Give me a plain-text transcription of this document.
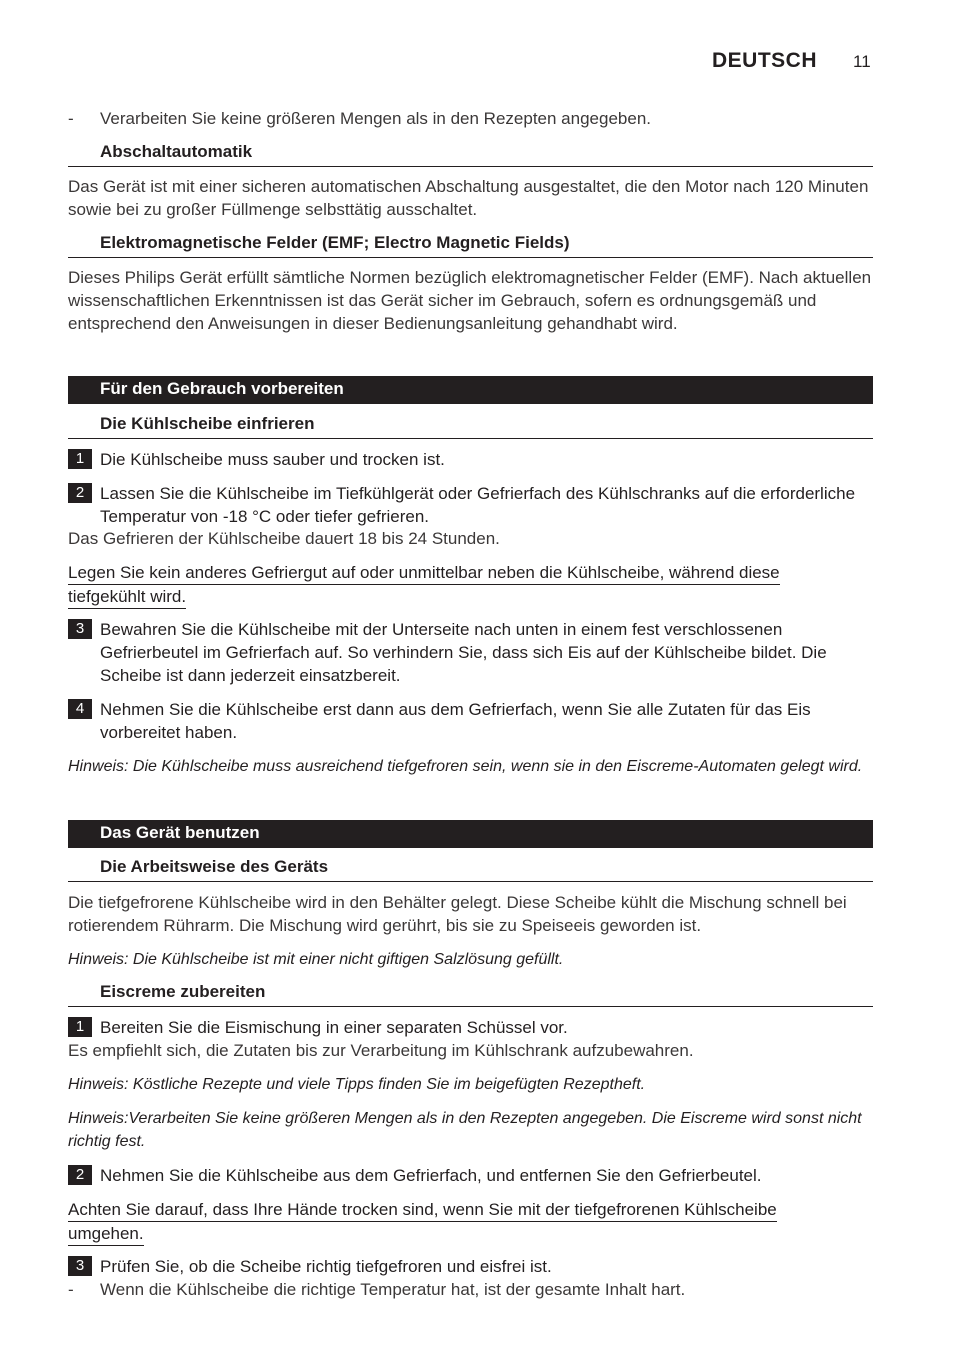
DEUTSCH 11
- Verarbeiten Sie keine größeren Mengen als in den Rezepten angegeben.
Abschaltautomatik
Das Gerät ist mit einer sicheren automatischen Abschaltung ausgestaltet, die den Motor nach 120 Minuten sowie bei zu großer Füllmenge selbsttätig ausschaltet.
Elektromagnetische Felder (EMF; Electro Magnetic Fields)
Dieses Philips Gerät erfüllt sämtliche Normen bezüglich elektromagnetischer Felder (EMF). Nach aktuellen wissenschaftlichen Erkenntnissen ist das Gerät sicher im Gebrauch, sofern es ordnungsgemäß und entsprechend den Anweisungen in dieser Bedienungsanleitung gehandhabt wird.
Für den Gebrauch vorbereiten
Die Kühlscheibe einfrieren
1 Die Kühlscheibe muss sauber und trocken ist.
2 Lassen Sie die Kühlscheibe im Tiefkühlgerät oder Gefrierfach des Kühlschranks auf die erforderliche Temperatur von -18 °C oder tiefer gefrieren.
Das Gefrieren der Kühlscheibe dauert 18 bis 24 Stunden.
Legen Sie kein anderes Gefriergut auf oder unmittelbar neben die Kühlscheibe, während diese
tiefgekühlt wird.
3 Bewahren Sie die Kühlscheibe mit der Unterseite nach unten in einem fest verschlossenen Gefrierbeutel im Gefrierfach auf. So verhindern Sie, dass sich Eis auf der Kühlscheibe bildet. Die Scheibe ist dann jederzeit einsatzbereit.
4 Nehmen Sie die Kühlscheibe erst dann aus dem Gefrierfach, wenn Sie alle Zutaten für das Eis vorbereitet haben.
Hinweis: Die Kühlscheibe muss ausreichend tiefgefroren sein, wenn sie in den Eiscreme-Automaten gelegt wird.
Das Gerät benutzen
Die Arbeitsweise des Geräts
Die tiefgefrorene Kühlscheibe wird in den Behälter gelegt. Diese Scheibe kühlt die Mischung schnell bei rotierendem Rührarm. Die Mischung wird gerührt, bis sie zu Speiseeis geworden ist.
Hinweis: Die Kühlscheibe ist mit einer nicht giftigen Salzlösung gefüllt.
Eiscreme zubereiten
1 Bereiten Sie die Eismischung in einer separaten Schüssel vor.
Es empfiehlt sich, die Zutaten bis zur Verarbeitung im Kühlschrank aufzubewahren.
Hinweis: Köstliche Rezepte und viele Tipps finden Sie im beigefügten Rezeptheft.
Hinweis:Verarbeiten Sie keine größeren Mengen als in den Rezepten angegeben. Die Eiscreme wird sonst nicht richtig fest.
2 Nehmen Sie die Kühlscheibe aus dem Gefrierfach, und entfernen Sie den Gefrierbeutel.
Achten Sie darauf, dass Ihre Hände trocken sind, wenn Sie mit der tiefgefrorenen Kühlscheibe
umgehen.
3 Prüfen Sie, ob die Scheibe richtig tiefgefroren und eisfrei ist.
- Wenn die Kühlscheibe die richtige Temperatur hat, ist der gesamte Inhalt hart.
